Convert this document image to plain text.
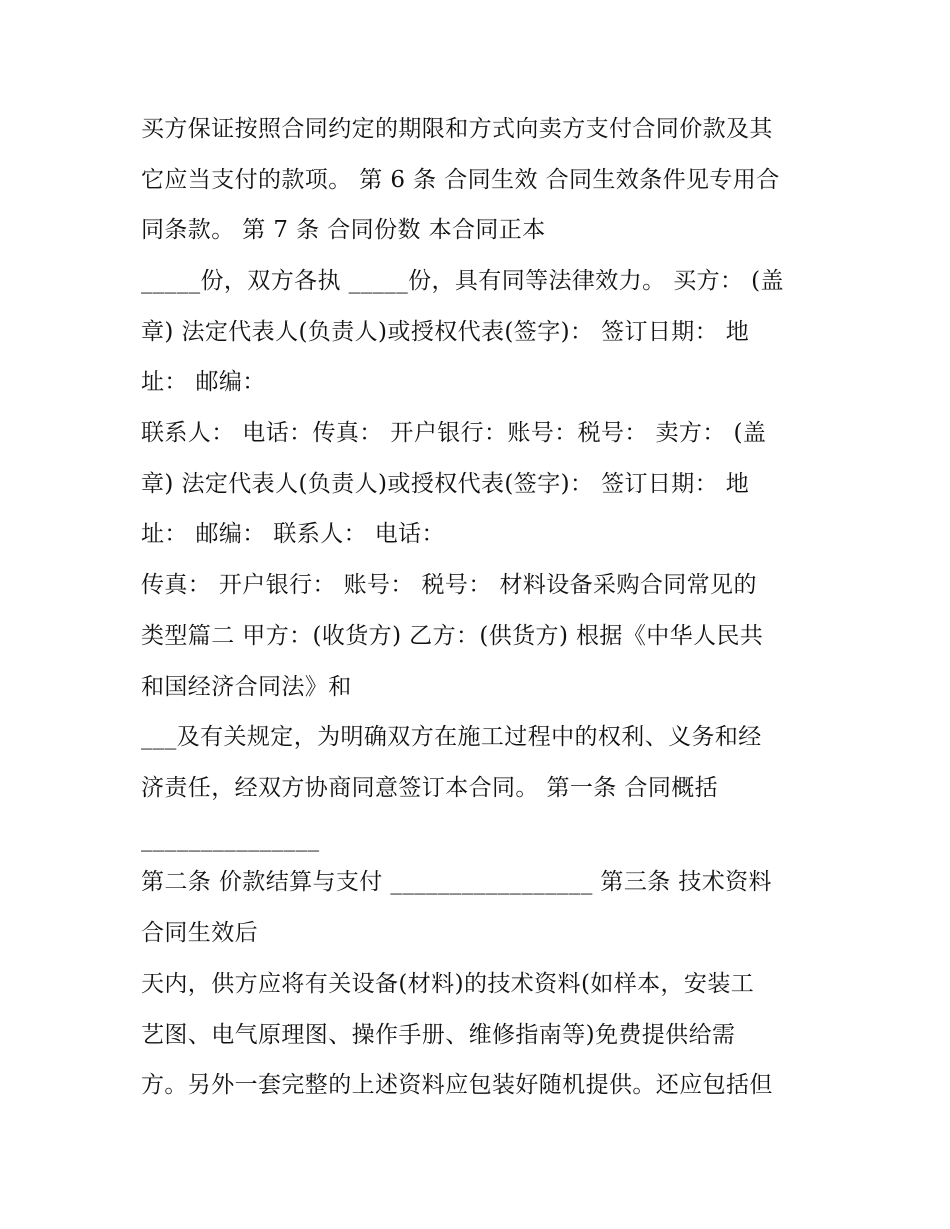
买方保证按照合同约定的期限和方式向卖方支付合同价款及其
它应当支付的款项。 第 6 条 合同生效 合同生效条件见专用合
同条款。 第 7 条 合同份数 本合同正本
_____份，双方各执 _____份，具有同等法律效力。 买方： (盖
章) 法定代表人(负责人)或授权代表(签字)： 签订日期： 地
址： 邮编：
联系人： 电话：传真： 开户银行：账号：税号： 卖方： (盖
章) 法定代表人(负责人)或授权代表(签字)： 签订日期： 地
址： 邮编： 联系人： 电话：
传真： 开户银行： 账号： 税号： 材料设备采购合同常见的
类型篇二 甲方：(收货方) 乙方：(供货方) 根据《中华人民共
和国经济合同法》和
___及有关规定，为明确双方在施工过程中的权利、义务和经
济责任，经双方协商同意签订本合同。 第一条 合同概括
_______________
第二条 价款结算与支付 _________________ 第三条 技术资料
合同生效后
天内，供方应将有关设备(材料)的技术资料(如样本，安装工
艺图、电气原理图、操作手册、维修指南等)免费提供给需
方。另外一套完整的上述资料应包装好随机提供。还应包括但
